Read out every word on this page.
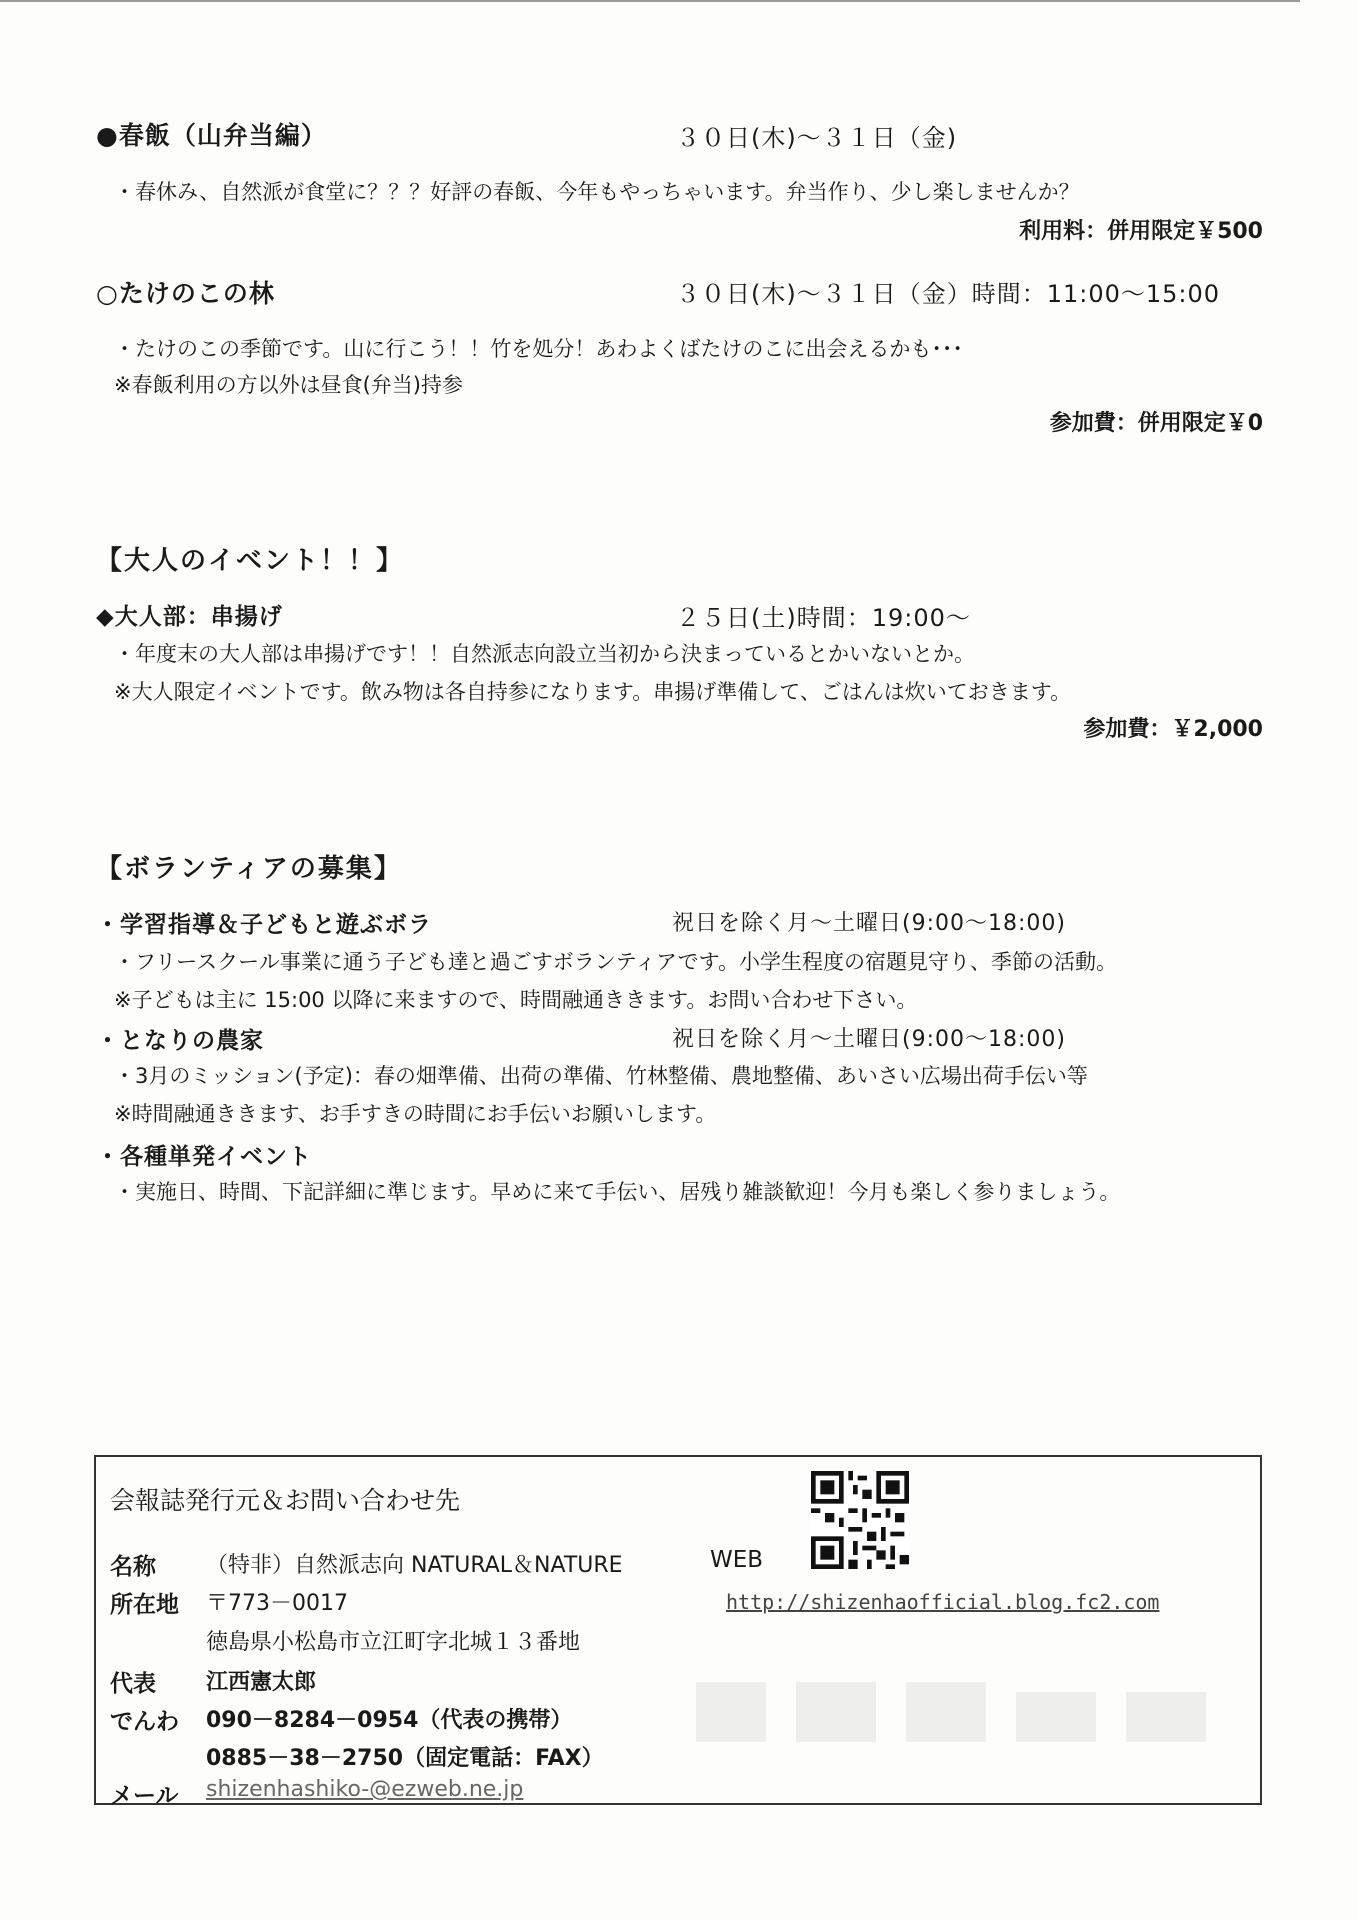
●春飯（山弁当編）	３０日(木)～３１日（金)
・春休み、自然派が食堂に？？？好評の春飯、今年もやっちゃいます。弁当作り、少し楽しませんか？
利用料：併用限定￥500
○たけのこの林	３０日(木)～３１日（金）時間：11:00～15:00
・たけのこの季節です。山に行こう！！竹を処分！あわよくばたけのこに出会えるかも･･･
※春飯利用の方以外は昼食(弁当)持参
参加費：併用限定￥0
【大人のイベント！！】
◆大人部：串揚げ	２５日(土)時間：19:00～
・年度末の大人部は串揚げです！！自然派志向設立当初から決まっているとかいないとか。
※大人限定イベントです。飲み物は各自持参になります。串揚げ準備して、ごはんは炊いておきます。
参加費：￥2,000
【ボランティアの募集】
・学習指導＆子どもと遊ぶボラ	祝日を除く月～土曜日(9:00～18:00)
・フリースクール事業に通う子ども達と過ごすボランティアです。小学生程度の宿題見守り、季節の活動。
※子どもは主に 15:00 以降に来ますので、時間融通ききます。お問い合わせ下さい。
・となりの農家	祝日を除く月～土曜日(9:00～18:00)
・3月のミッション(予定)：春の畑準備、出荷の準備、竹林整備、農地整備、あいさい広場出荷手伝い等
※時間融通ききます、お手すきの時間にお手伝いお願いします。
・各種単発イベント
・実施日、時間、下記詳細に準じます。早めに来て手伝い、居残り雑談歓迎！今月も楽しく参りましょう。
会報誌発行元＆お問い合わせ先
名称 （特非）自然派志向 NATURAL＆NATURE	WEB
http://shizenhaofficial.blog.fc2.com
所在地 〒773－0017
徳島県小松島市立江町字北城１３番地
代表 江西憲太郎
でんわ 090－8284－0954（代表の携帯）
0885－38－2750（固定電話：FAX）
メール shizenhashiko-@ezweb.ne.jp
